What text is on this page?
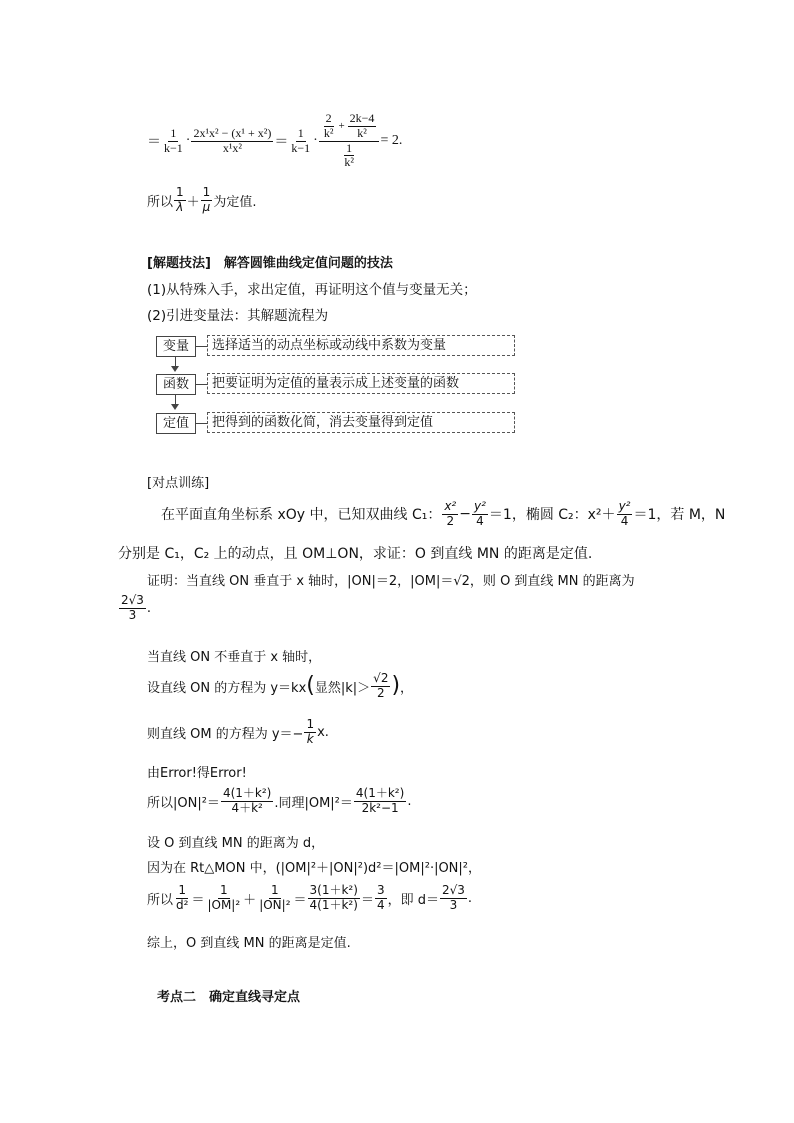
＝ $\frac{1}{k-1} \cdot \frac{\text{2x¹x² − (x¹ + x²)}}{\text{x¹x²}} = \frac{1}{k-1} \cdot \frac{\frac{2}{\text{k²}} + \frac{2k-4}{\text{k²}}}{\frac{1}{\text{k²}}} = 2$.
所以 $\frac{1}{\lambda} + \frac{1}{\mu}$ 为定值.
[解题技法]　解答圆锥曲线定值问题的技法
(1)从特殊入手，求出定值，再证明这个值与变量无关；
(2)引进变量法：其解题流程为
变量	选择适当的动点坐标或动线中系数为变量
函数	把要证明为定值的量表示成上述变量的函数
定值	把得到的函数化简，消去变量得到定值
[对点训练]
在平面直角坐标系 xOy 中，已知双曲线 C₁： $\frac{\text{x²}}{2} - \frac{\text{y²}}{4} =1$，椭圆 C₂：$x^2+ \frac{\text{y²}}{4} =1$，若 M，N
分别是 C₁，C₂ 上的动点，且 OM⊥ON，求证：O 到直线 MN 的距离是定值.
证明：当直线 ON 垂直于 x 轴时，|ON|＝2，|OM|＝√2，则 O 到直线 MN 的距离为
$\frac{2√3}{3}$ .
当直线 ON 不垂直于 x 轴时，
设直线 ON 的方程为 y＝kx ( 显然$|k|> \frac{√2}{2}$ ) ，
则直线 OM 的方程为 $y=- \frac{1}{k} x$.
由Error!得Error!
所以$|ON|^2= \frac{\text{4(1＋k²)}}{\text{4＋k²}}$ .同理$|OM|^2= \frac{\text{4(1＋k²)}}{\text{2k²−1}}$ .
设 O 到直线 MN 的距离为 d，
因为在 Rt△MON 中，(|OM|²＋|ON|²)d²＝|OM|²·|ON|²，
所以 $\frac{1}{\text{d²}} = \frac{1}{\text{|OM|²}} + \frac{1}{\text{|ON|²}} = \frac{\text{3(1＋k²)}}{\text{4(1＋k²)}} = \frac{3}{4}$ ，即 $d= \frac{2√3}{3}$ .
综上，O 到直线 MN 的距离是定值.
考点二　确定直线寻定点
